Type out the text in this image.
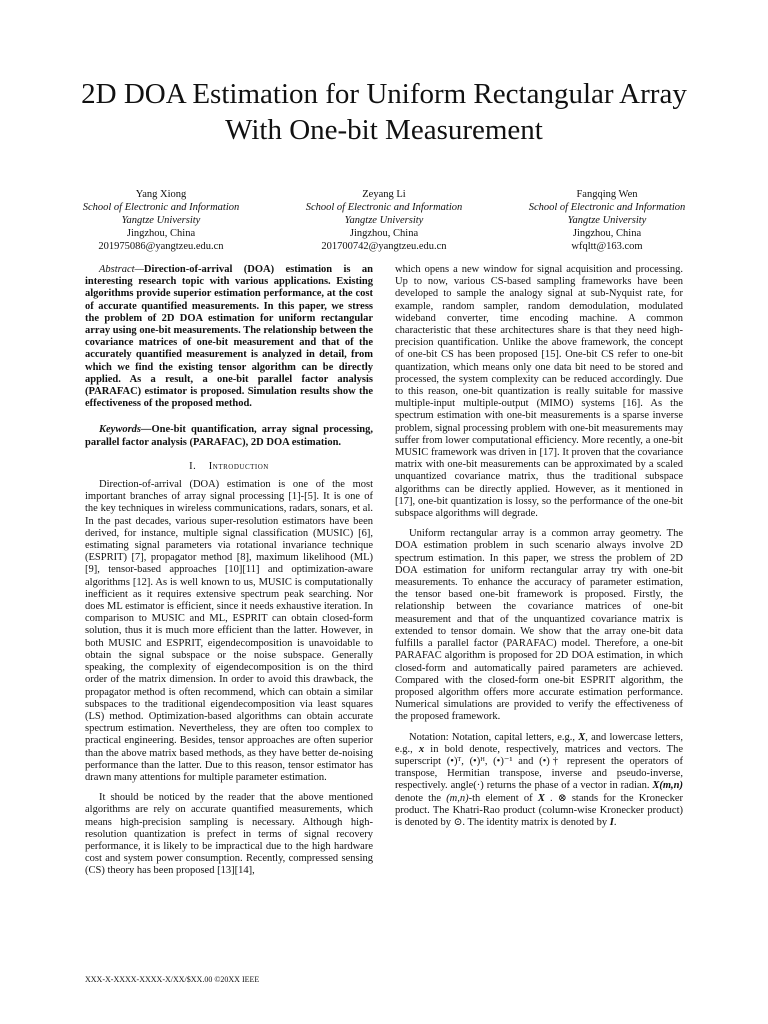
2D DOA Estimation for Uniform Rectangular Array
With One-bit Measurement
Yang Xiong
School of Electronic and Information
Yangtze University
Jingzhou, China
201975086@yangtzeu.edu.cn
Zeyang Li
School of Electronic and Information
Yangtze University
Jingzhou, China
201700742@yangtzeu.edu.cn
Fangqing Wen
School of Electronic and Information
Yangtze University
Jingzhou, China
wfqltt@163.com
Abstract—Direction-of-arrival (DOA) estimation is an interesting research topic with various applications. Existing algorithms provide superior estimation performance, at the cost of accurate quantified measurements. In this paper, we stress the problem of 2D DOA estimation for uniform rectangular array using one-bit measurements. The relationship between the covariance matrices of one-bit measurement and that of the accurately quantified measurement is analyzed in detail, from which we find the existing tensor algorithm can be directly applied. As a result, a one-bit parallel factor analysis (PARAFAC) estimator is proposed. Simulation results show the effectiveness of the proposed method.
Keywords—One-bit quantification, array signal processing, parallel factor analysis (PARAFAC), 2D DOA estimation.
I. Introduction

Direction-of-arrival (DOA) estimation is one of the most important branches of array signal processing [1]-[5]. It is one of the key techniques in wireless communications, radars, sonars, et al. In the past decades, various super-resolution estimators have been derived, for instance, multiple signal classification (MUSIC) [6], estimating signal parameters via rotational invariance technique (ESPRIT) [7], propagator method [8], maximum likelihood (ML) [9], tensor-based approaches [10][11] and optimization-aware algorithms [12]. As is well known to us, MUSIC is computationally inefficient as it requires extensive spectrum peak searching. Nor does ML estimator is efficient, since it needs exhaustive iteration. In comparison to MUSIC and ML, ESPRIT can obtain closed-form solution, thus it is much more efficient than the latter. However, in both MUSIC and ESPRIT, eigendecomposition is unavoidable to obtain the signal subspace or the noise subspace. Generally speaking, the complexity of eigendecomposition is on the third order of the matrix dimension. In order to avoid this drawback, the propagator method is often recommend, which can obtain a similar subspaces to the traditional eigendecomposition via least squares (LS) method. Optimization-based algorithms can obtain accurate spectrum estimation. Nevertheless, they are often too complex to practical engineering. Besides, tensor approaches are often superior than the above matrix based methods, as they have better de-noising performance than the latter. Due to this reason, tensor estimator has drawn many attentions for multiple parameter estimation.

It should be noticed by the reader that the above mentioned algorithms are rely on accurate quantified measurements, which means high-precision sampling is necessary. Although high-resolution quantization is prefect in terms of signal recovery performance, it is likely to be impractical due to the high hardware cost and system power consumption. Recently, compressed sensing (CS) theory has been proposed [13][14],

which opens a new window for signal acquisition and processing. Up to now, various CS-based sampling frameworks have been developed to sample the analogy signal at sub-Nyquist rate, for example, random sampler, random demodulation, modulated wideband converter, time encoding machine. A common characteristic that these architectures share is that they need high-precision quantification. Unlike the above framework, the concept of one-bit CS has been proposed [15]. One-bit CS refer to one-bit quantization, which means only one data bit need to be stored and processed, the system complexity can be reduced accordingly. Due to this reason, one-bit quantization is really suitable for massive multiple-input multiple-output (MIMO) systems [16]. As the spectrum estimation with one-bit measurements is a sparse inverse problem, signal processing problem with one-bit measurements may suffer from lower computational efficiency. More recently, a one-bit MUSIC framework was driven in [17]. It proven that the covariance matrix with one-bit measurements can be approximated by a scaled unquantized covariance matrix, thus the traditional subspace algorithms can be directly applied. However, as it mentioned in [17], one-bit quantization is lossy, so the performance of the one-bit subspace algorithms will degrade.

Uniform rectangular array is a common array geometry. The DOA estimation problem in such scenario always involve 2D spectrum estimation. In this paper, we stress the problem of 2D DOA estimation for uniform rectangular array try with one-bit measurements. To enhance the accuracy of parameter estimation, the tensor based one-bit framework is proposed. Firstly, the relationship between the covariance matrices of one-bit measurement and that of the unquantized covariance matrix is extended to tensor domain. We show that the array one-bit data fulfills a parallel factor (PARAFAC) model. Therefore, a one-bit PARAFAC algorithm is proposed for 2D DOA estimation, in which closed-form and automatically paired parameters are achieved. Compared with the closed-form one-bit ESPRIT algorithm, the proposed algorithm offers more accurate estimation performance. Numerical simulations are provided to verify the effectiveness of the proposed framework.

Notation: Notation, capital letters, e.g., X, and lowercase letters, e.g., x in bold denote, respectively, matrices and vectors. The superscript (•)ᵀ, (•)ᴴ, (•)⁻¹ and (•)† represent the operators of transpose, Hermitian transpose, inverse and pseudo-inverse, respectively. angle(·) returns the phase of a vector in radian. X(m,n) denote the (m,n)-th element of X . ⊗ stands for the Kronecker product. The Khatri-Rao product (column-wise Kronecker product) is denoted by ⊙. The identity matrix is denoted by I.

XXX-X-XXXX-XXXX-X/XX/$XX.00 ©20XX IEEE
